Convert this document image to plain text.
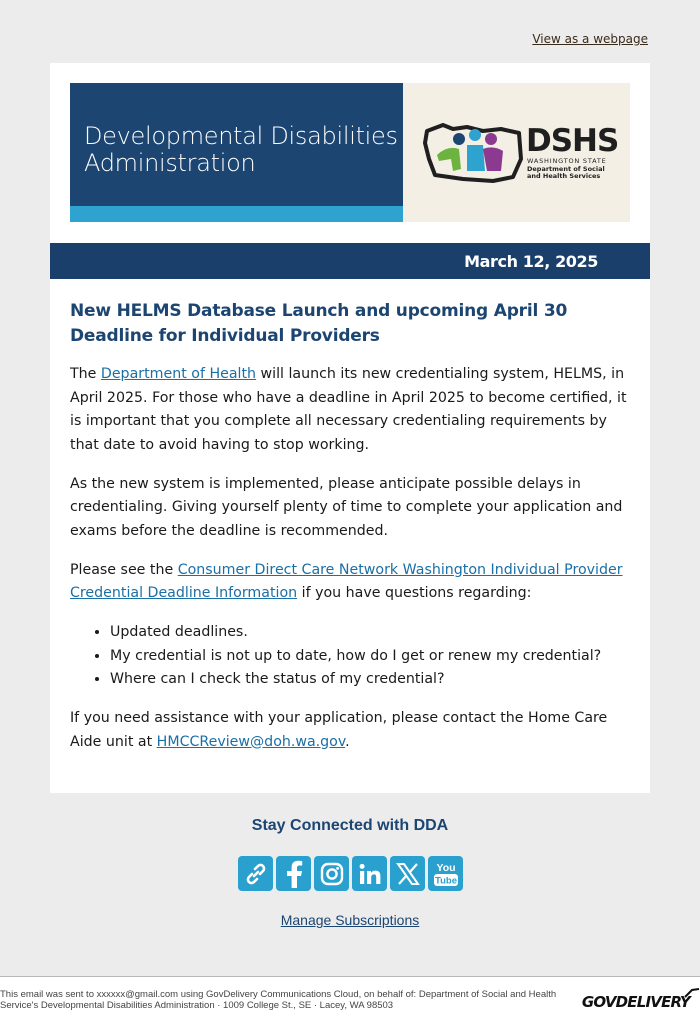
View as a webpage
Developmental Disabilities
Administration
DSHS
WASHINGTON STATE
Department of Social
and Health Services
March 12, 2025
New HELMS Database Launch and upcoming April 30 Deadline for Individual Providers

The Department of Health will launch its new credentialing system, HELMS, in April 2025. For those who have a deadline in April 2025 to become certified, it is important that you complete all necessary credentialing requirements by that date to avoid having to stop working.

As the new system is implemented, please anticipate possible delays in credentialing. Giving yourself plenty of time to complete your application and exams before the deadline is recommended.

Please see the Consumer Direct Care Network Washington Individual Provider Credential Deadline Information if you have questions regarding:

• Updated deadlines.
• My credential is not up to date, how do I get or renew my credential?
• Where can I check the status of my credential?

If you need assistance with your application, please contact the Home Care Aide unit at HMCCReview@doh.wa.gov.

Stay Connected with DDA
You
Tube
Manage Subscriptions
This email was sent to xxxxxx@gmail.com using GovDelivery Communications Cloud, on behalf of: Department of Social and Health Service's Developmental Disabilities Administration · 1009 College St., SE · Lacey, WA 98503	GOVDELIVERY
